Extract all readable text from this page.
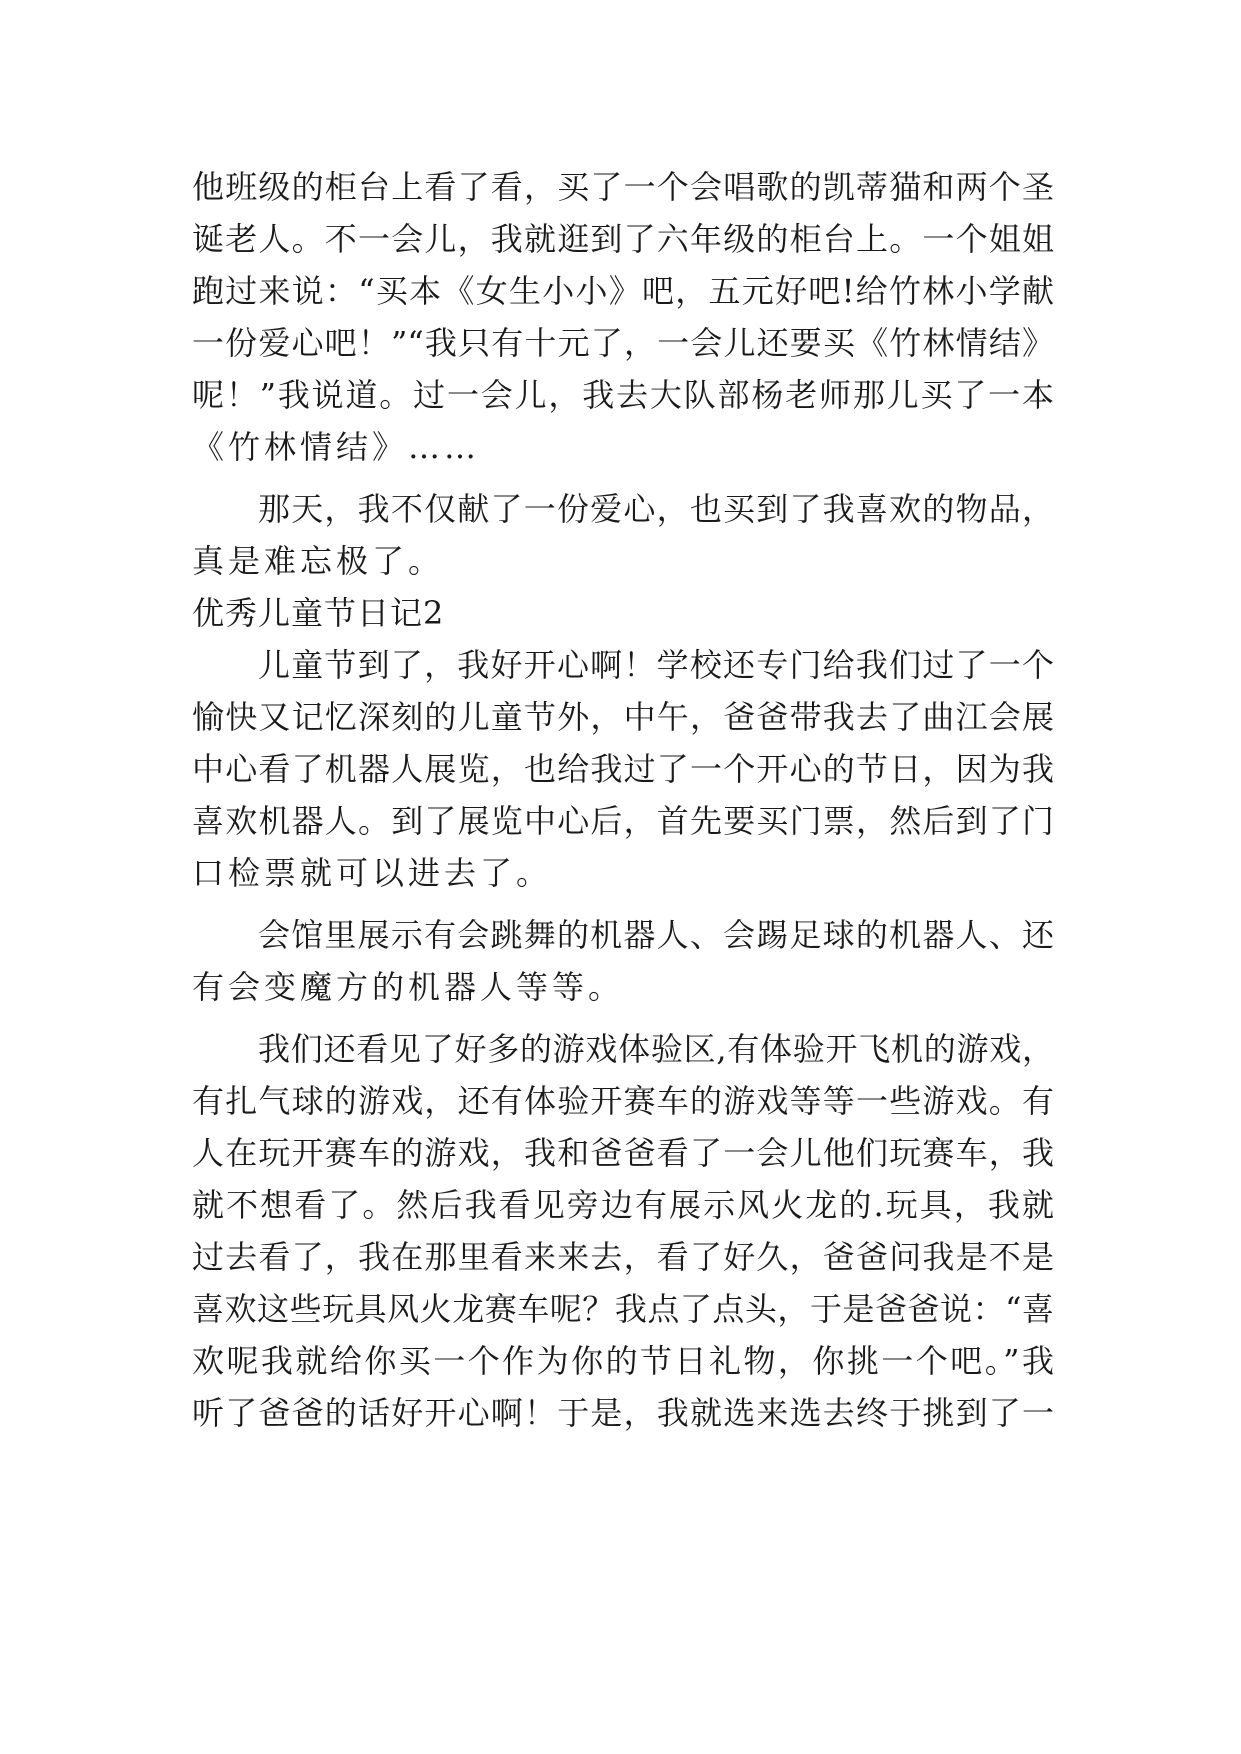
他班级的柜台上看了看，买了一个会唱歌的凯蒂猫和两个圣
诞老人。不一会儿，我就逛到了六年级的柜台上。一个姐姐
跑过来说：“买本《女生小小》吧，五元好吧!给竹林小学献
一份爱心吧！”“我只有十元了，一会儿还要买《竹林情结》
呢！”我说道。过一会儿，我去大队部杨老师那儿买了一本
《竹林情结》……
那天，我不仅献了一份爱心，也买到了我喜欢的物品，
真是难忘极了。
优秀儿童节日记2
儿童节到了，我好开心啊！学校还专门给我们过了一个
愉快又记忆深刻的儿童节外，中午，爸爸带我去了曲江会展
中心看了机器人展览，也给我过了一个开心的节日，因为我
喜欢机器人。到了展览中心后，首先要买门票，然后到了门
口检票就可以进去了。
会馆里展示有会跳舞的机器人、会踢足球的机器人、还
有会变魔方的机器人等等。
我们还看见了好多的游戏体验区,有体验开飞机的游戏，
有扎气球的游戏，还有体验开赛车的游戏等等一些游戏。有
人在玩开赛车的游戏，我和爸爸看了一会儿他们玩赛车，我
就不想看了。然后我看见旁边有展示风火龙的.玩具，我就
过去看了，我在那里看来来去，看了好久，爸爸问我是不是
喜欢这些玩具风火龙赛车呢？我点了点头，于是爸爸说：“喜
欢呢我就给你买一个作为你的节日礼物，你挑一个吧。”我
听了爸爸的话好开心啊！于是，我就选来选去终于挑到了一
